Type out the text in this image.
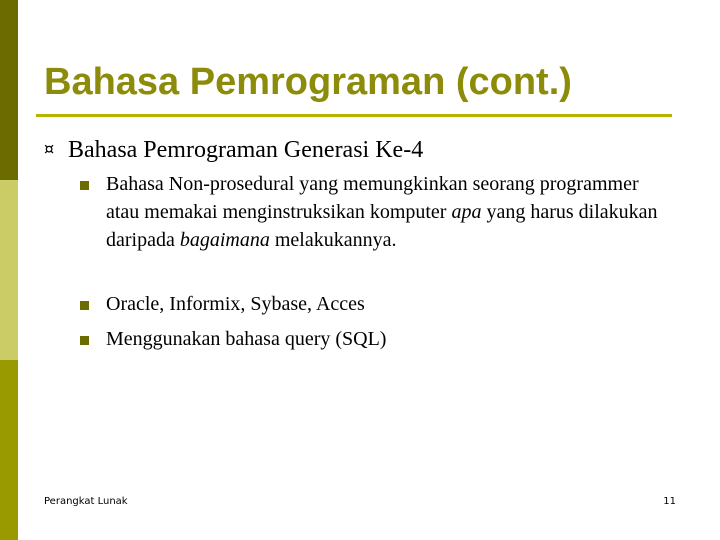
Bahasa Pemrograman (cont.)
¤ Bahasa Pemrograman Generasi Ke-4
Bahasa Non-prosedural yang memungkinkan seorang programmer atau memakai menginstruksikan komputer apa yang harus dilakukan daripada bagaimana melakukannya.
Oracle, Informix, Sybase, Acces
Menggunakan bahasa query (SQL)
Perangkat Lunak	11
